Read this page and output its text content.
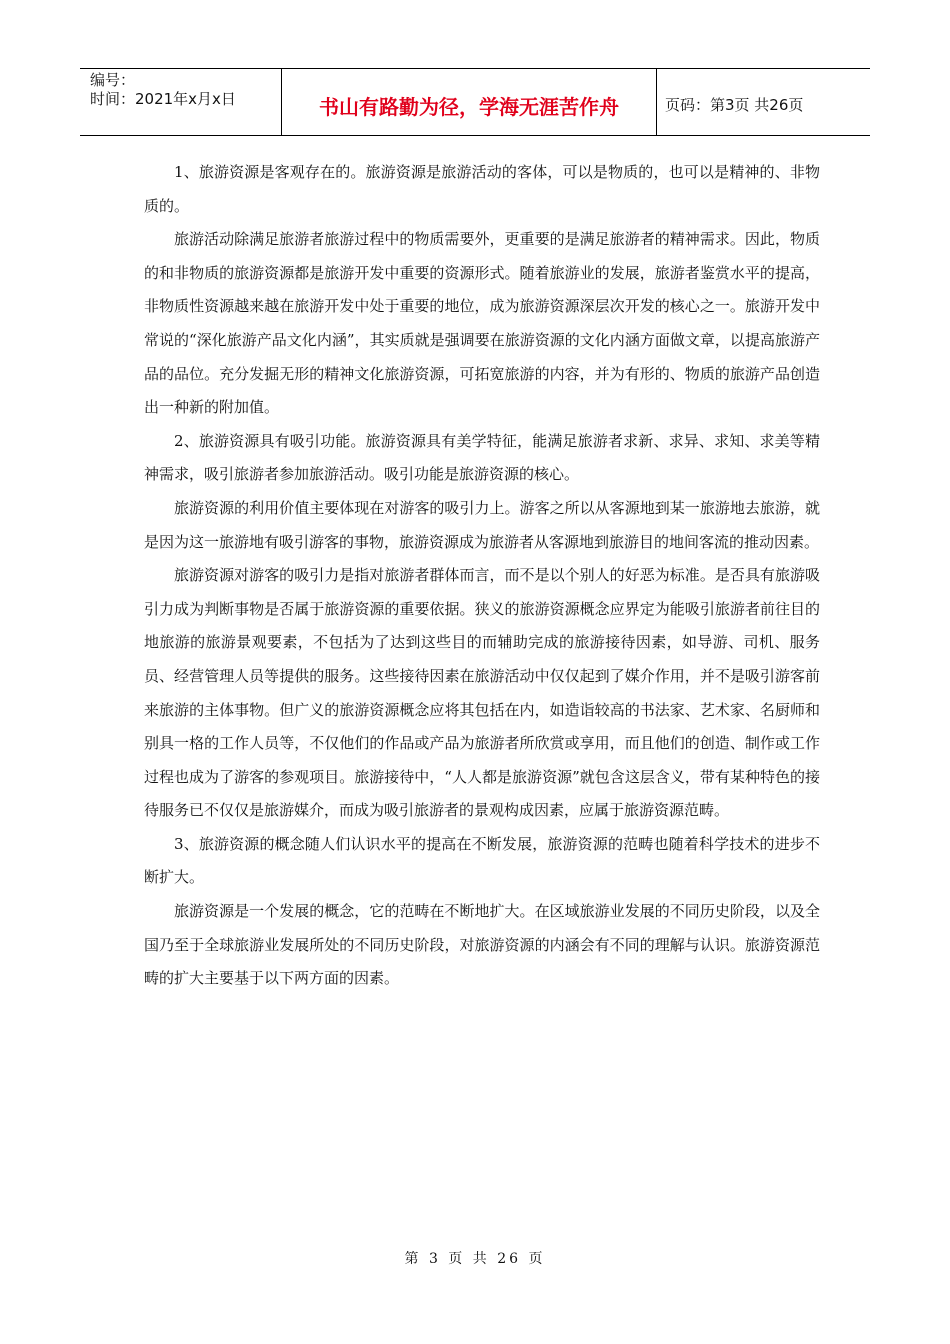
编号：
时间：2021年x月x日	书山有路勤为径，学海无涯苦作舟	页码：第3页 共26页

1、旅游资源是客观存在的。旅游资源是旅游活动的客体，可以是物质的，也可以是精神的、非物质的。

旅游活动除满足旅游者旅游过程中的物质需要外，更重要的是满足旅游者的精神需求。因此，物质的和非物质的旅游资源都是旅游开发中重要的资源形式。随着旅游业的发展，旅游者鉴赏水平的提高，非物质性资源越来越在旅游开发中处于重要的地位，成为旅游资源深层次开发的核心之一。旅游开发中常说的“深化旅游产品文化内涵”，其实质就是强调要在旅游资源的文化内涵方面做文章，以提高旅游产品的品位。充分发掘无形的精神文化旅游资源，可拓宽旅游的内容，并为有形的、物质的旅游产品创造出一种新的附加值。

2、旅游资源具有吸引功能。旅游资源具有美学特征，能满足旅游者求新、求异、求知、求美等精神需求，吸引旅游者参加旅游活动。吸引功能是旅游资源的核心。

旅游资源的利用价值主要体现在对游客的吸引力上。游客之所以从客源地到某一旅游地去旅游，就是因为这一旅游地有吸引游客的事物，旅游资源成为旅游者从客源地到旅游目的地间客流的推动因素。

旅游资源对游客的吸引力是指对旅游者群体而言，而不是以个别人的好恶为标准。是否具有旅游吸引力成为判断事物是否属于旅游资源的重要依据。狭义的旅游资源概念应界定为能吸引旅游者前往目的地旅游的旅游景观要素，不包括为了达到这些目的而辅助完成的旅游接待因素，如导游、司机、服务员、经营管理人员等提供的服务。这些接待因素在旅游活动中仅仅起到了媒介作用，并不是吸引游客前来旅游的主体事物。但广义的旅游资源概念应将其包括在内，如造诣较高的书法家、艺术家、名厨师和别具一格的工作人员等，不仅他们的作品或产品为旅游者所欣赏或享用，而且他们的创造、制作或工作过程也成为了游客的参观项目。旅游接待中，“人人都是旅游资源”就包含这层含义，带有某种特色的接待服务已不仅仅是旅游媒介，而成为吸引旅游者的景观构成因素，应属于旅游资源范畴。

3、旅游资源的概念随人们认识水平的提高在不断发展，旅游资源的范畴也随着科学技术的进步不断扩大。

旅游资源是一个发展的概念，它的范畴在不断地扩大。在区域旅游业发展的不同历史阶段，以及全国乃至于全球旅游业发展所处的不同历史阶段，对旅游资源的内涵会有不同的理解与认识。旅游资源范畴的扩大主要基于以下两方面的因素。

第 3 页 共 26 页
